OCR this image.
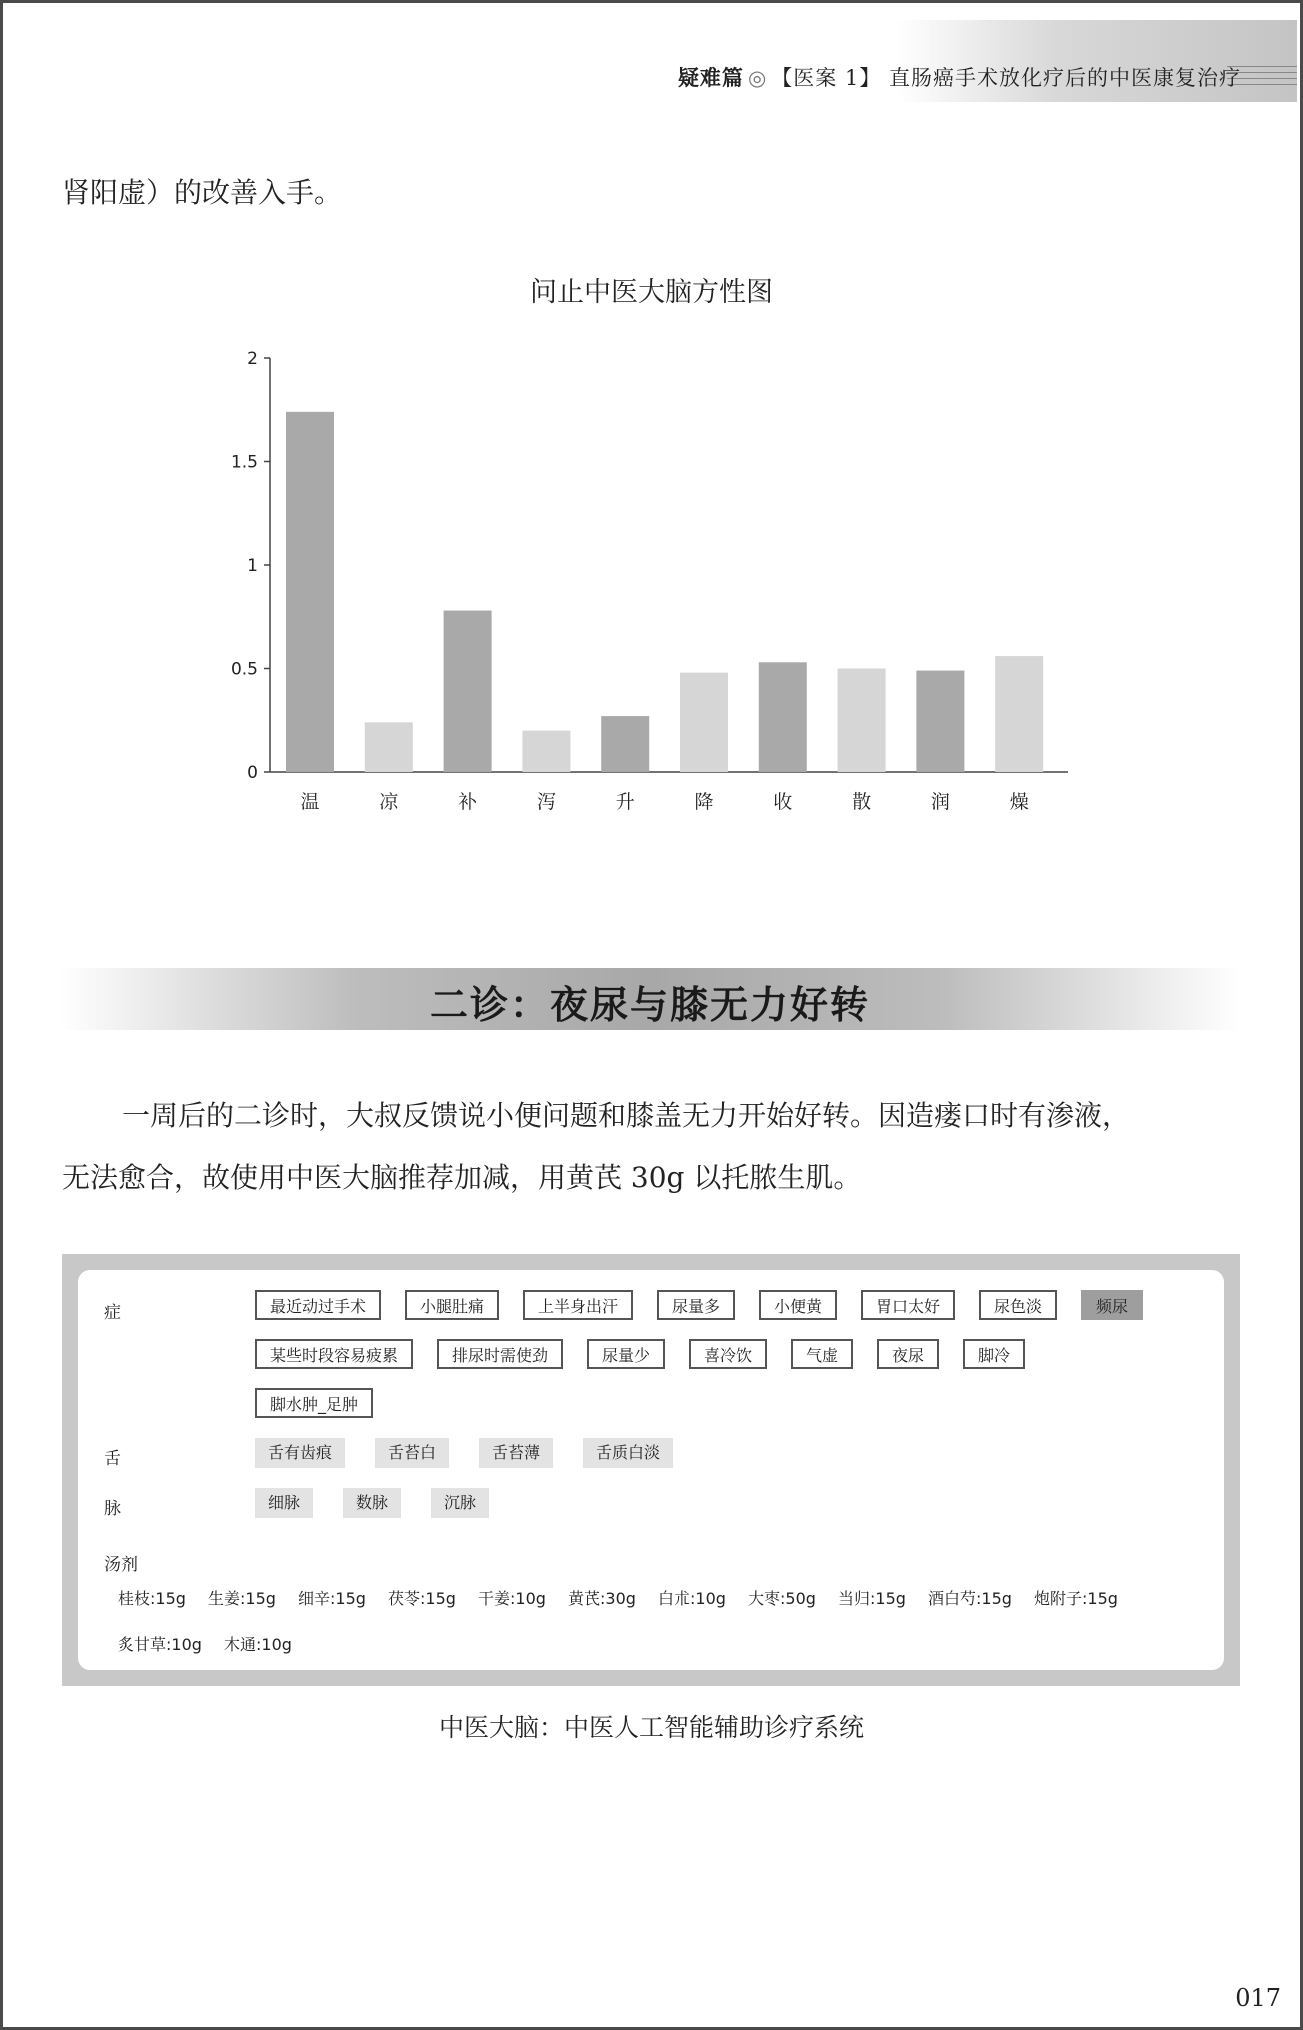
疑难篇 ◎ 【医案 1】 直肠癌手术放化疗后的中医康复治疗
肾阳虚）的改善入手。
问止中医大脑方性图
0
0.5
1
1.5
2
温	凉	补	泻	升	降	收	散	润	燥
二诊：夜尿与膝无力好转
一周后的二诊时，大叔反馈说小便问题和膝盖无力开始好转。因造瘘口时有渗液，
无法愈合，故使用中医大脑推荐加减，用黄芪 30g 以托脓生肌。
症
舌
脉
汤剂
最近动过手术	小腿肚痛	上半身出汗	尿量多	小便黄	胃口太好	尿色淡	频尿
某些时段容易疲累	排尿时需使劲	尿量少	喜冷饮	气虚	夜尿	脚冷
脚水肿_足肿
舌有齿痕	舌苔白	舌苔薄	舌质白淡
细脉	数脉	沉脉
桂枝:15g 生姜:15g 细辛:15g 茯苓:15g 干姜:10g 黄芪:30g 白朮:10g 大枣:50g 当归:15g 酒白芍:15g 炮附子:15g
炙甘草:10g 木通:10g
中医大脑：中医人工智能辅助诊疗系统
017
